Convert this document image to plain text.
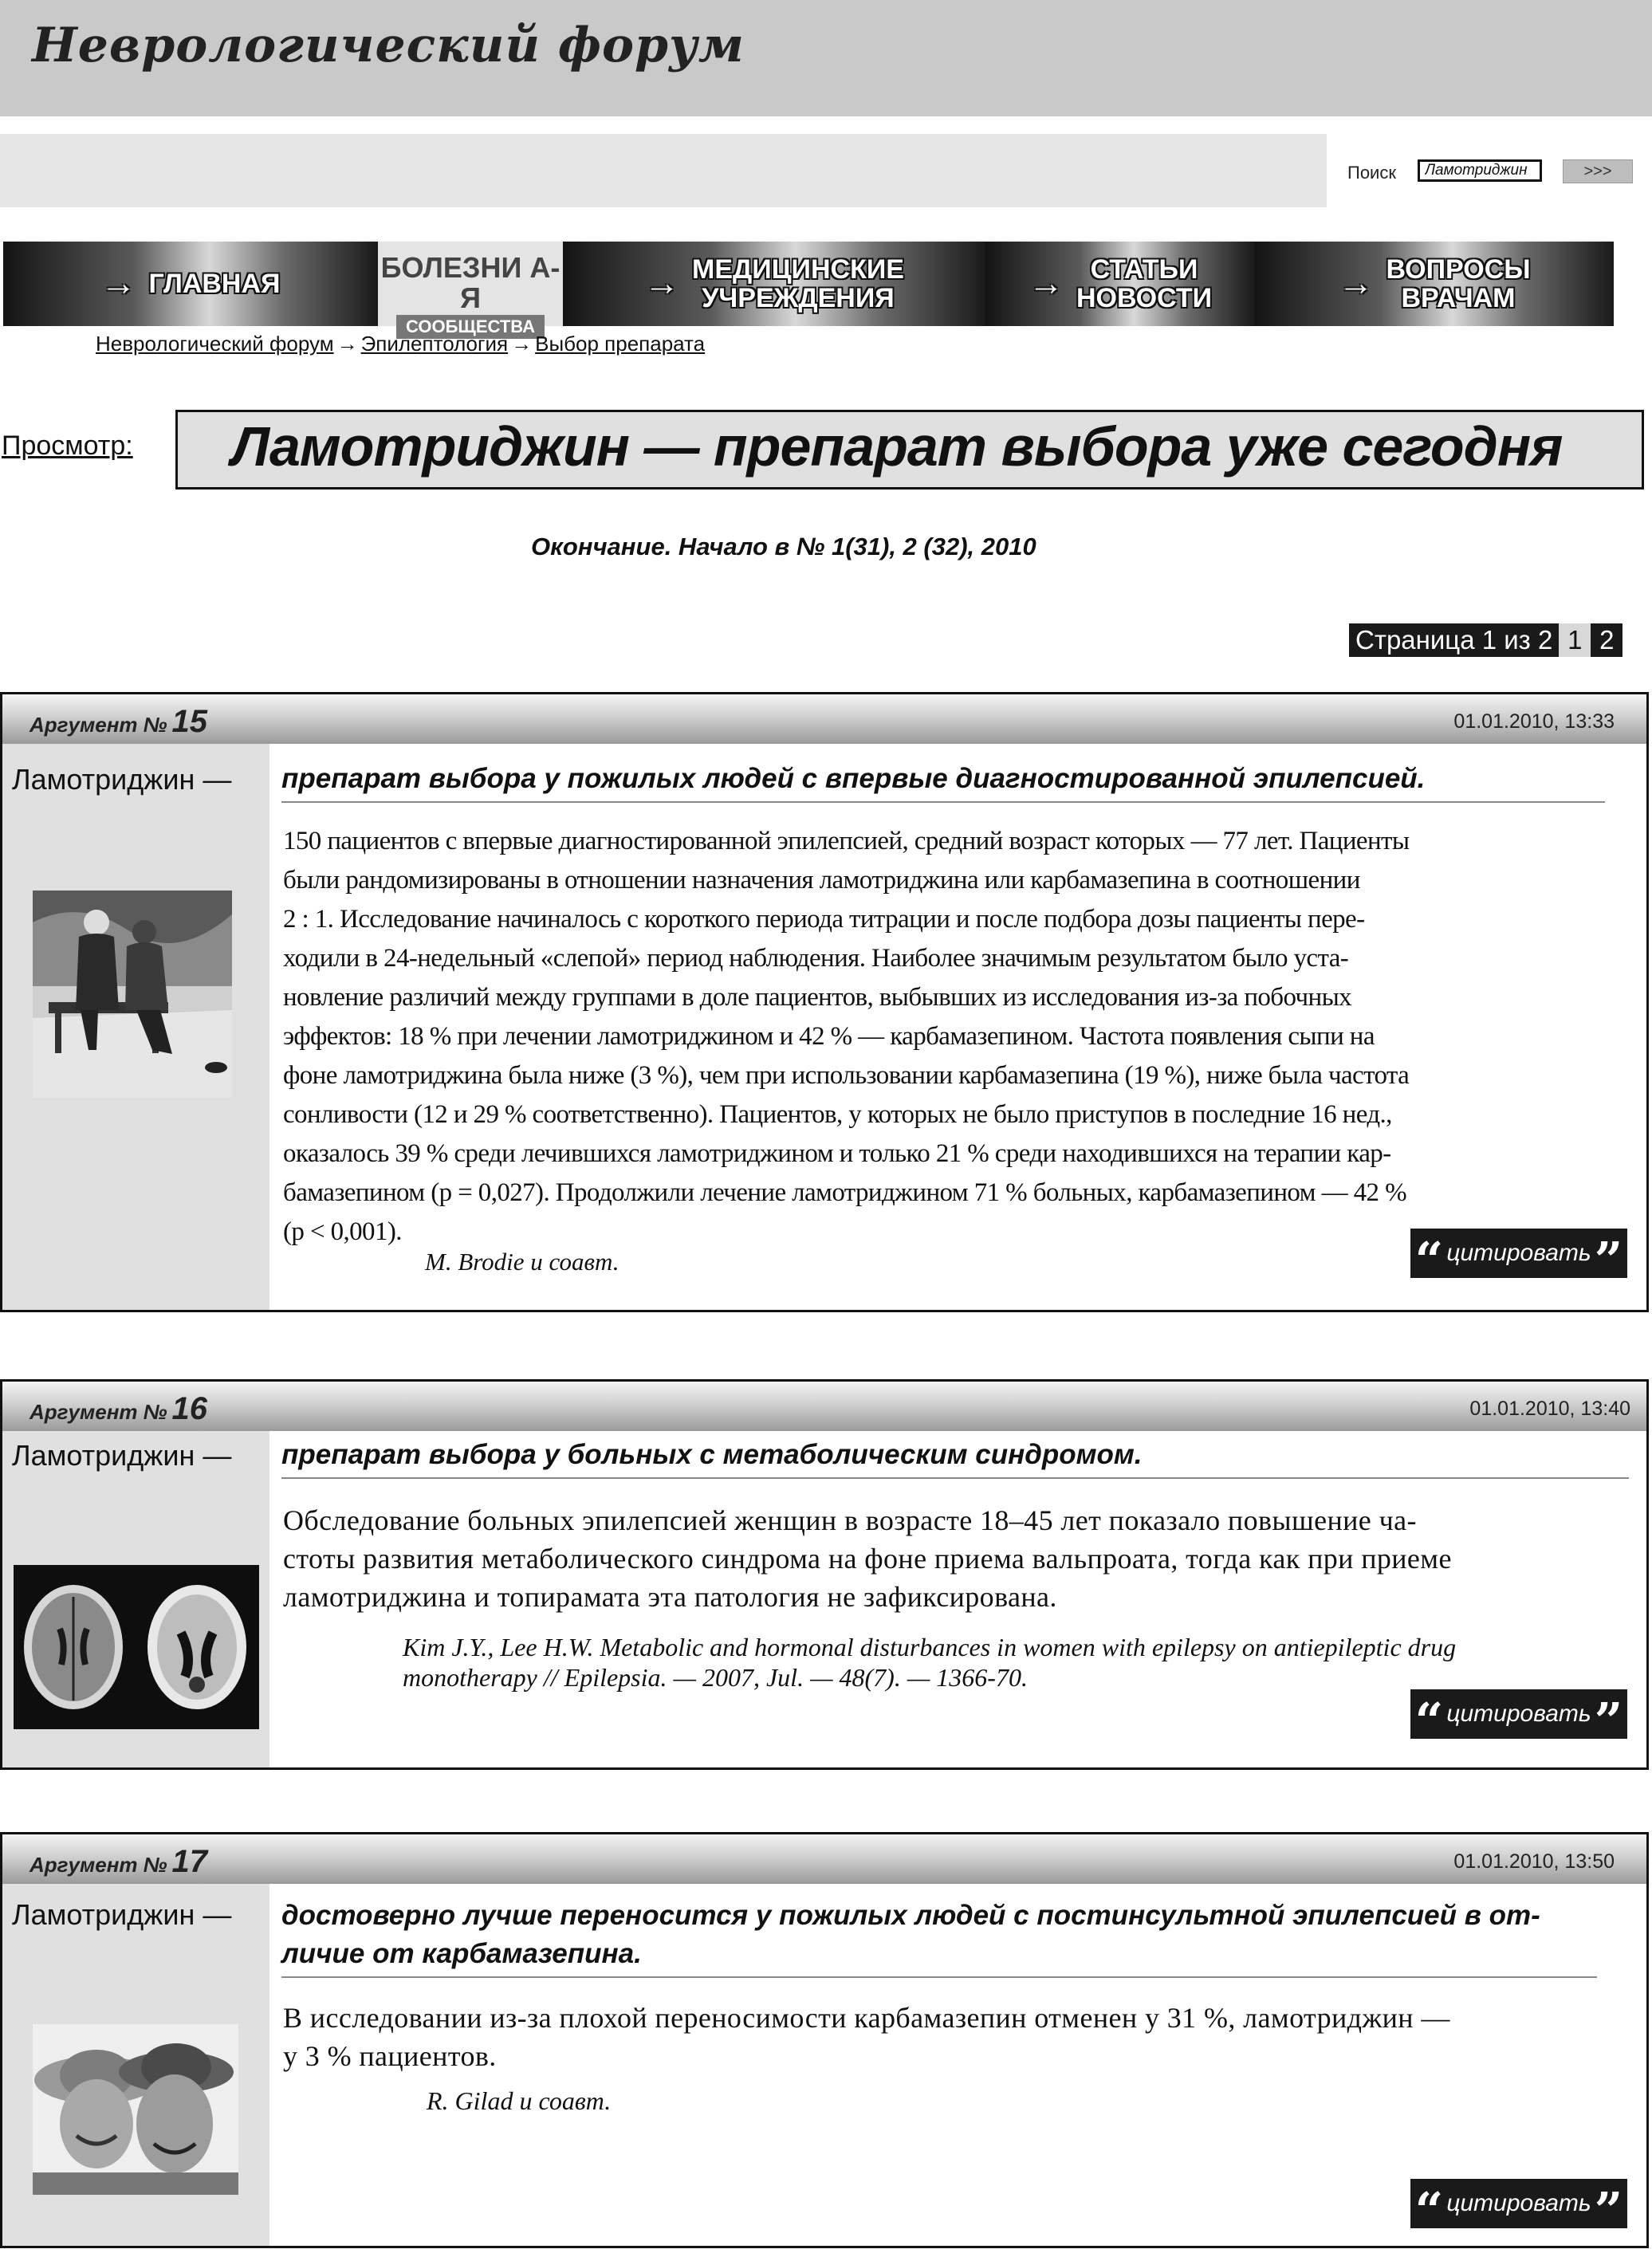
Неврологический форум
Поиск
Ламотриджин	>>>
→ ГЛАВНАЯ	БОЛЕЗНИ А-Я
СООБЩЕСТВА
→ МЕДИЦИНСКИЕ
УЧРЕЖДЕНИЯ	→ СТАТЬИ
НОВОСТИ	→ ВОПРОСЫ
ВРАЧАМ
Неврологический форум → Эпилептология → Выбор препарата
Просмотр: Ламотриджин — препарат выбора уже сегодня
Окончание. Начало в № 1(31), 2 (32), 2010
Страница 1 из 2 1 2
Аргумент № 15	01.01.2010, 13:33
Ламотриджин — препарат выбора у пожилых людей с впервые диагностированной эпилепсией.
150 пациентов с впервые диагностированной эпилепсией, средний возраст которых — 77 лет. Пациенты
были рандомизированы в отношении назначения ламотриджина или карбамазепина в соотношении
2 : 1. Исследование начиналось с короткого периода титрации и после подбора дозы пациенты пере-
ходили в 24-недельный «слепой» период наблюдения. Наиболее значимым результатом было уста-
новление различий между группами в доле пациентов, выбывших из исследования из-за побочных
эффектов: 18 % при лечении ламотриджином и 42 % — карбамазепином. Частота появления сыпи на
фоне ламотриджина была ниже (3 %), чем при использовании карбамазепина (19 %), ниже была частота
сонливости (12 и 29 % соответственно). Пациентов, у которых не было приступов в последние 16 нед.,
оказалось 39 % среди лечившихся ламотриджином и только 21 % среди находившихся на терапии кар-
бамазепином (p = 0,027). Продолжили лечение ламотриджином 71 % больных, карбамазепином — 42 %
(p < 0,001).
M. Brodie и соавт.	“ цитировать ”
Аргумент № 16	01.01.2010, 13:40
Ламотриджин — препарат выбора у больных с метаболическим синдромом.
Обследование больных эпилепсией женщин в возрасте 18–45 лет показало повышение ча-
стоты развития метаболического синдрома на фоне приема вальпроата, тогда как при приеме
ламотриджина и топирамата эта патология не зафиксирована.
Kim J.Y., Lee H.W. Metabolic and hormonal disturbances in women with epilepsy on antiepileptic drug
monotherapy // Epilepsia. — 2007, Jul. — 48(7). — 1366-70.
“ цитировать ”
Аргумент № 17	01.01.2010, 13:50
Ламотриджин — достоверно лучше переносится у пожилых людей с постинсультной эпилепсией в от-
личие от карбамазепина.
В исследовании из-за плохой переносимости карбамазепин отменен у 31 %, ламотриджин —
у 3 % пациентов.
R. Gilad и соавт.
“ цитировать ”
